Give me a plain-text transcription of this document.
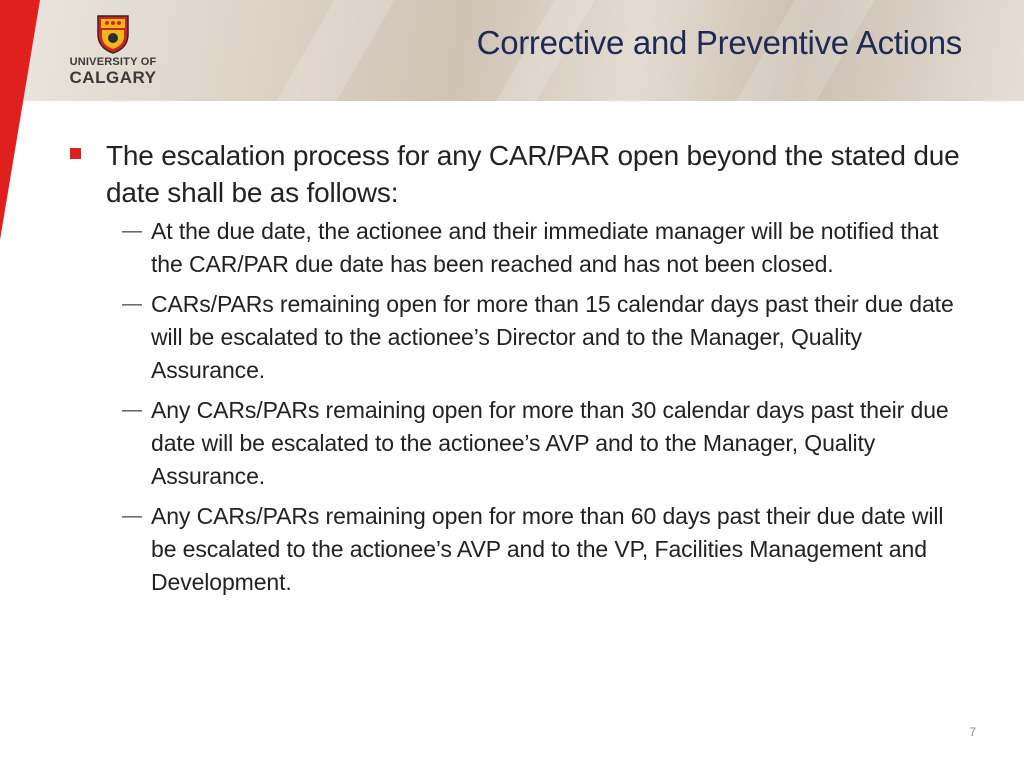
UNIVERSITY OF
CALGARY
Corrective and Preventive Actions
The escalation process for any CAR/PAR open beyond the stated due date shall be as follows:
— At the due date, the actionee and their immediate manager will be notified that the CAR/PAR due date has been reached and has not been closed.
— CARs/PARs remaining open for more than 15 calendar days past their due date will be escalated to the actionee’s Director and to the Manager, Quality Assurance.
— Any CARs/PARs remaining open for more than 30 calendar days past their due date will be escalated to the actionee’s AVP and to the Manager, Quality Assurance.
— Any CARs/PARs remaining open for more than 60 days past their due date will be escalated to the actionee’s AVP and to the VP, Facilities Management and Development.
7
